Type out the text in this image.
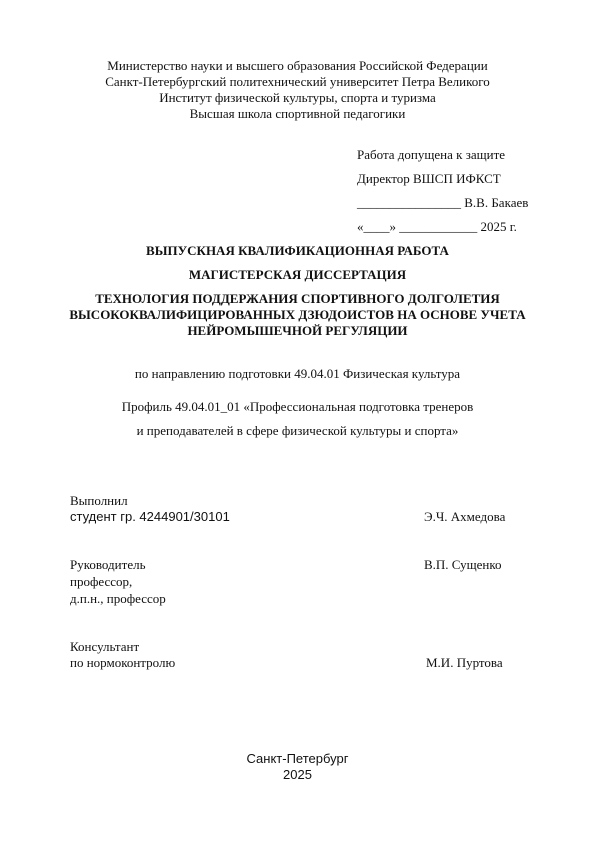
Министерство науки и высшего образования Российской Федерации
Санкт-Петербургский политехнический университет Петра Великого
Институт физической культуры, спорта и туризма
Высшая школа спортивной педагогики
Работа допущена к защите
Директор ВШСП ИФКСТ
________________ В.В. Бакаев
«____» ____________ 2025 г.
ВЫПУСКНАЯ КВАЛИФИКАЦИОННАЯ РАБОТА
МАГИСТЕРСКАЯ ДИССЕРТАЦИЯ
ТЕХНОЛОГИЯ ПОДДЕРЖАНИЯ СПОРТИВНОГО ДОЛГОЛЕТИЯ
ВЫСОКОКВАЛИФИЦИРОВАННЫХ ДЗЮДОИСТОВ НА ОСНОВЕ УЧЕТА
НЕЙРОМЫШЕЧНОЙ РЕГУЛЯЦИИ
по направлению подготовки 49.04.01 Физическая культура
Профиль 49.04.01_01 «Профессиональная подготовка тренеров
и преподавателей в сфере физической культуры и спорта»
Выполнил
студент гр. 4244901/30101	Э.Ч. Ахмедова
Руководитель	В.П. Сущенко
профессор,
д.п.н., профессор
Консультант
по нормоконтролю	М.И. Пуртова
Санкт-Петербург
2025
